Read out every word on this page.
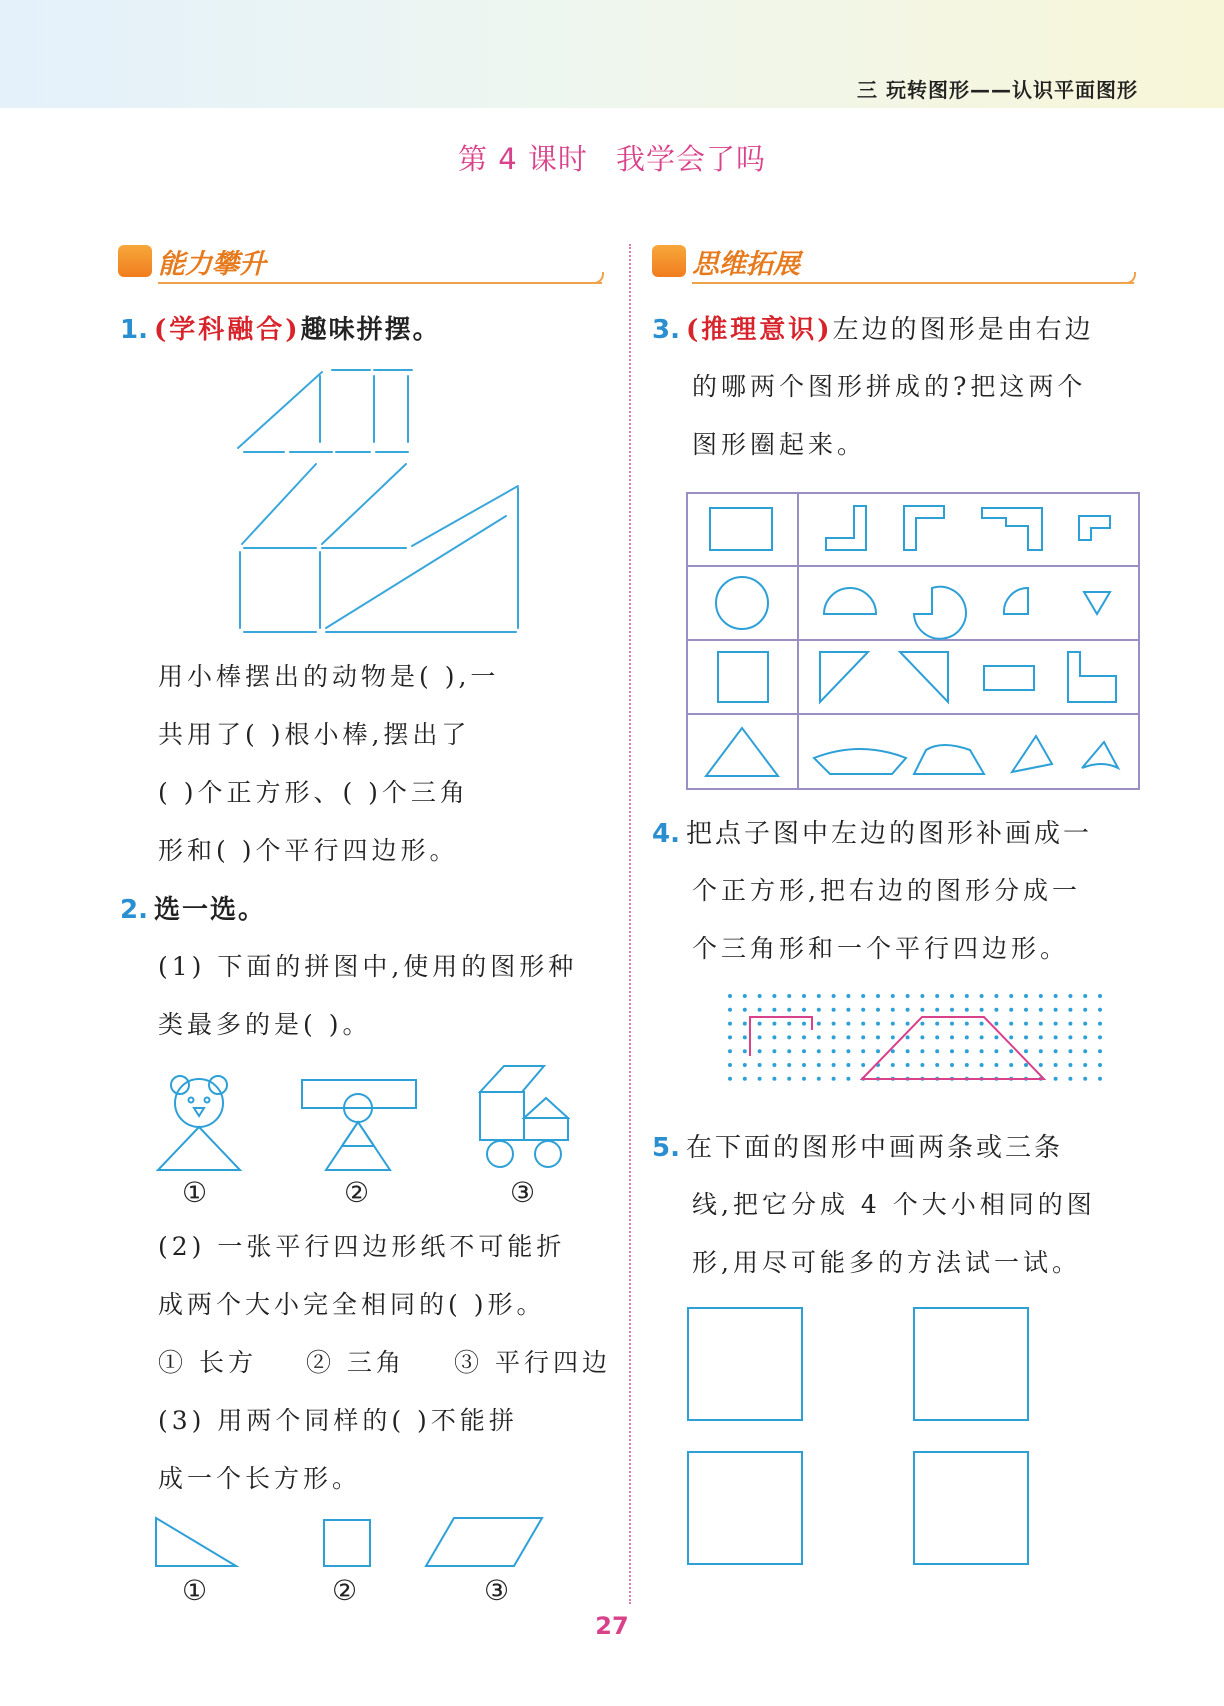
三 玩转图形——认识平面图形
第 4 课时 我学会了吗
能力攀升	思维拓展
1. (学科融合)趣味拼摆。
用小棒摆出的动物是( ),一
共用了( )根小棒,摆出了
( )个正方形、( )个三角
形和( )个平行四边形。
2. 选一选。
(1) 下面的拼图中,使用的图形种
类最多的是( )。
①	②	③
(2) 一张平行四边形纸不可能折
成两个大小完全相同的( )形。
① 长方 ② 三角 ③ 平行四边
(3) 用两个同样的( )不能拼
成一个长方形。
①	②	③
3. (推理意识)左边的图形是由右边
的哪两个图形拼成的?把这两个
图形圈起来。
4. 把点子图中左边的图形补画成一
个正方形,把右边的图形分成一
个三角形和一个平行四边形。
5. 在下面的图形中画两条或三条
线,把它分成 4 个大小相同的图
形,用尽可能多的方法试一试。
27
